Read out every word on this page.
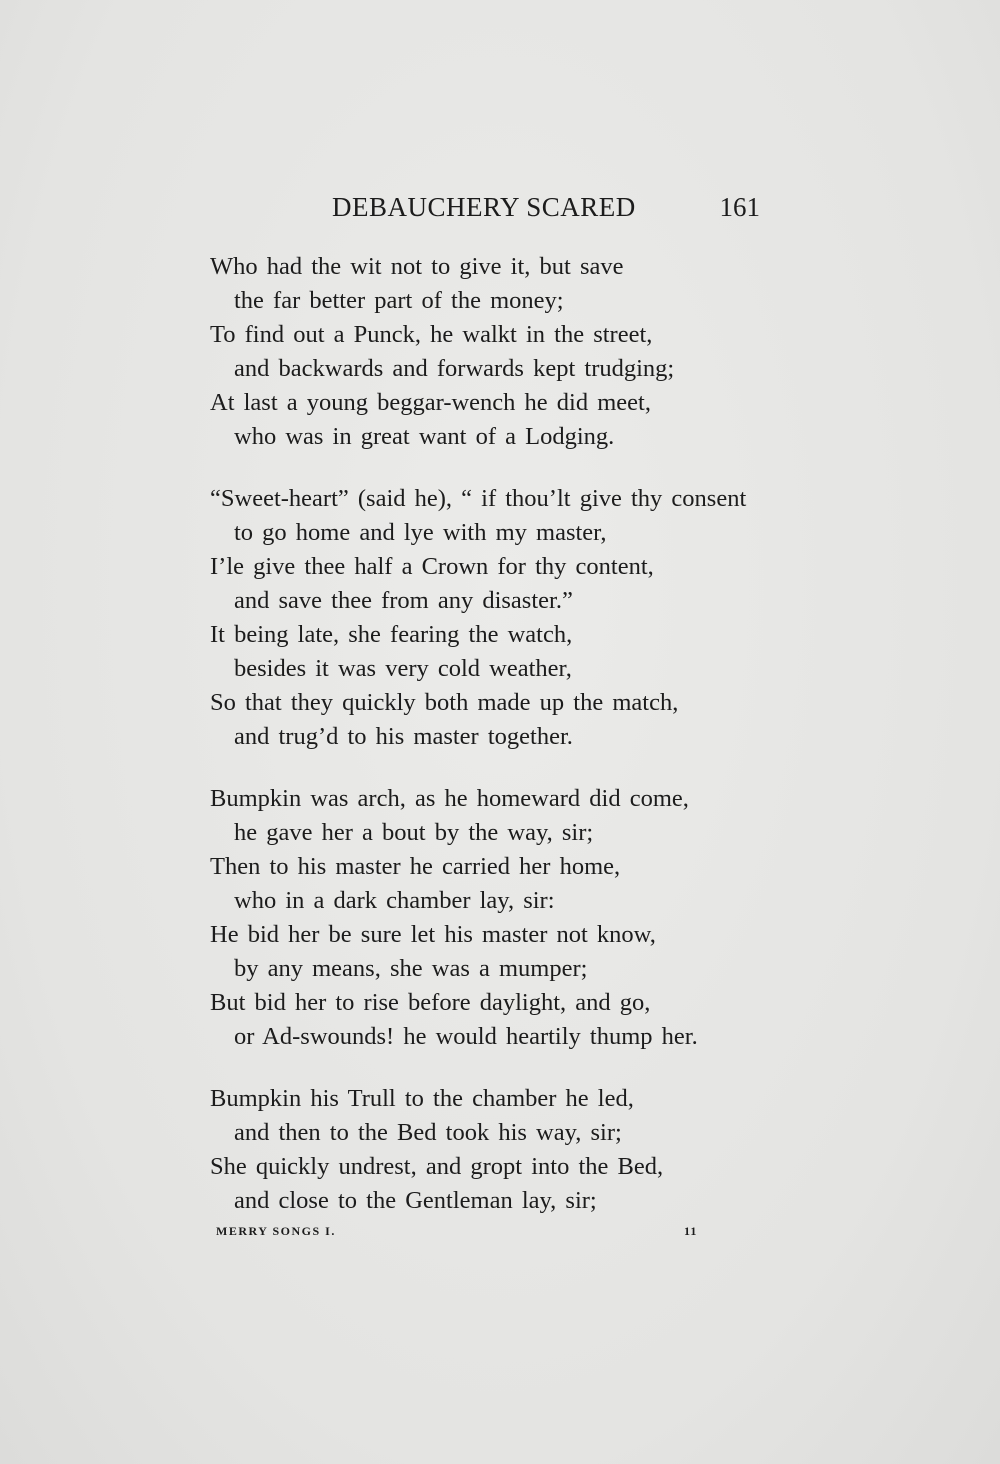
DEBAUCHERY SCARED	161
Who had the wit not to give it, but save
the far better part of the money;
To find out a Punck, he walkt in the street,
and backwards and forwards kept trudging;
At last a young beggar-wench he did meet,
who was in great want of a Lodging.
“Sweet-heart” (said he), “ if thou’lt give thy consent
to go home and lye with my master,
I’le give thee half a Crown for thy content,
and save thee from any disaster.”
It being late, she fearing the watch,
besides it was very cold weather,
So that they quickly both made up the match,
and trug’d to his master together.
Bumpkin was arch, as he homeward did come,
he gave her a bout by the way, sir;
Then to his master he carried her home,
who in a dark chamber lay, sir:
He bid her be sure let his master not know,
by any means, she was a mumper;
But bid her to rise before daylight, and go,
or Ad-swounds! he would heartily thump her.
Bumpkin his Trull to the chamber he led,
and then to the Bed took his way, sir;
She quickly undrest, and gropt into the Bed,
and close to the Gentleman lay, sir;
MERRY SONGS I.	11
